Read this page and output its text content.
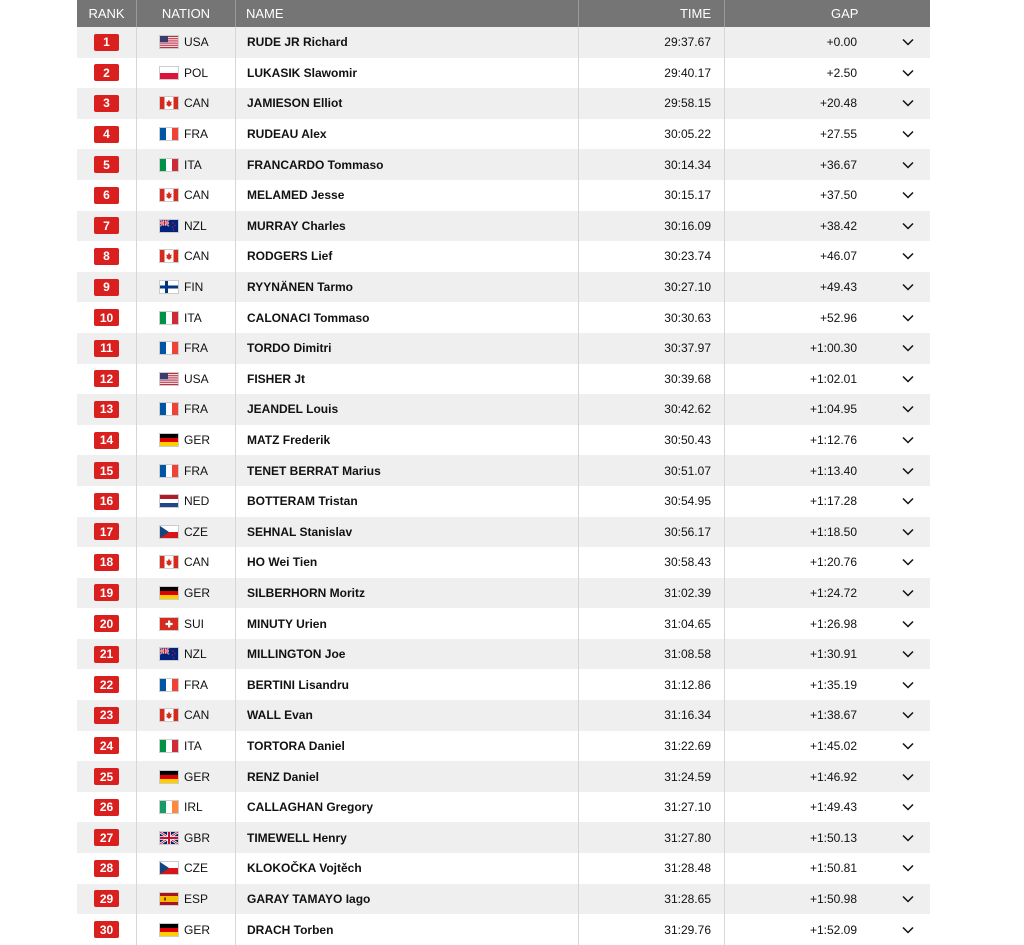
RANK	NATION	NAME	TIME	GAP
1	USA	RUDE JR Richard	29:37.67	+0.00
2	POL	LUKASIK Slawomir	29:40.17	+2.50
3	CAN	JAMIESON Elliot	29:58.15	+20.48
4	FRA	RUDEAU Alex	30:05.22	+27.55
5	ITA	FRANCARDO Tommaso	30:14.34	+36.67
6	CAN	MELAMED Jesse	30:15.17	+37.50
7	NZL	MURRAY Charles	30:16.09	+38.42
8	CAN	RODGERS Lief	30:23.74	+46.07
9	FIN	RYYNÄNEN Tarmo	30:27.10	+49.43
10	ITA	CALONACI Tommaso	30:30.63	+52.96
11	FRA	TORDO Dimitri	30:37.97	+1:00.30
12	USA	FISHER Jt	30:39.68	+1:02.01
13	FRA	JEANDEL Louis	30:42.62	+1:04.95
14	GER	MATZ Frederik	30:50.43	+1:12.76
15	FRA	TENET BERRAT Marius	30:51.07	+1:13.40
16	NED	BOTTERAM Tristan	30:54.95	+1:17.28
17	CZE	SEHNAL Stanislav	30:56.17	+1:18.50
18	CAN	HO Wei Tien	30:58.43	+1:20.76
19	GER	SILBERHORN Moritz	31:02.39	+1:24.72
20	SUI	MINUTY Urien	31:04.65	+1:26.98
21	NZL	MILLINGTON Joe	31:08.58	+1:30.91
22	FRA	BERTINI Lisandru	31:12.86	+1:35.19
23	CAN	WALL Evan	31:16.34	+1:38.67
24	ITA	TORTORA Daniel	31:22.69	+1:45.02
25	GER	RENZ Daniel	31:24.59	+1:46.92
26	IRL	CALLAGHAN Gregory	31:27.10	+1:49.43
27	GBR	TIMEWELL Henry	31:27.80	+1:50.13
28	CZE	KLOKOČKA Vojtěch	31:28.48	+1:50.81
29	ESP	GARAY TAMAYO Iago	31:28.65	+1:50.98
30	GER	DRACH Torben	31:29.76	+1:52.09
